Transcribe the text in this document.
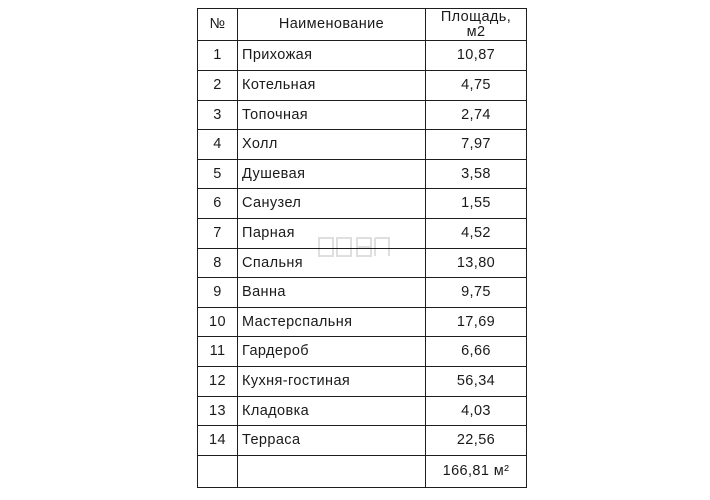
№	Наименование	Площадь, м2
1	Прихожая	10,87
2	Котельная	4,75
3	Топочная	2,74
4	Холл	7,97
5	Душевая	3,58
6	Санузел	1,55
7	Парная	4,52
8	Спальня	13,80
9	Ванна	9,75
10	Мастерспальня	17,69
11	Гардероб	6,66
12	Кухня-гостиная	56,34
13	Кладовка	4,03
14	Терраса	22,56
		166,81 м²
